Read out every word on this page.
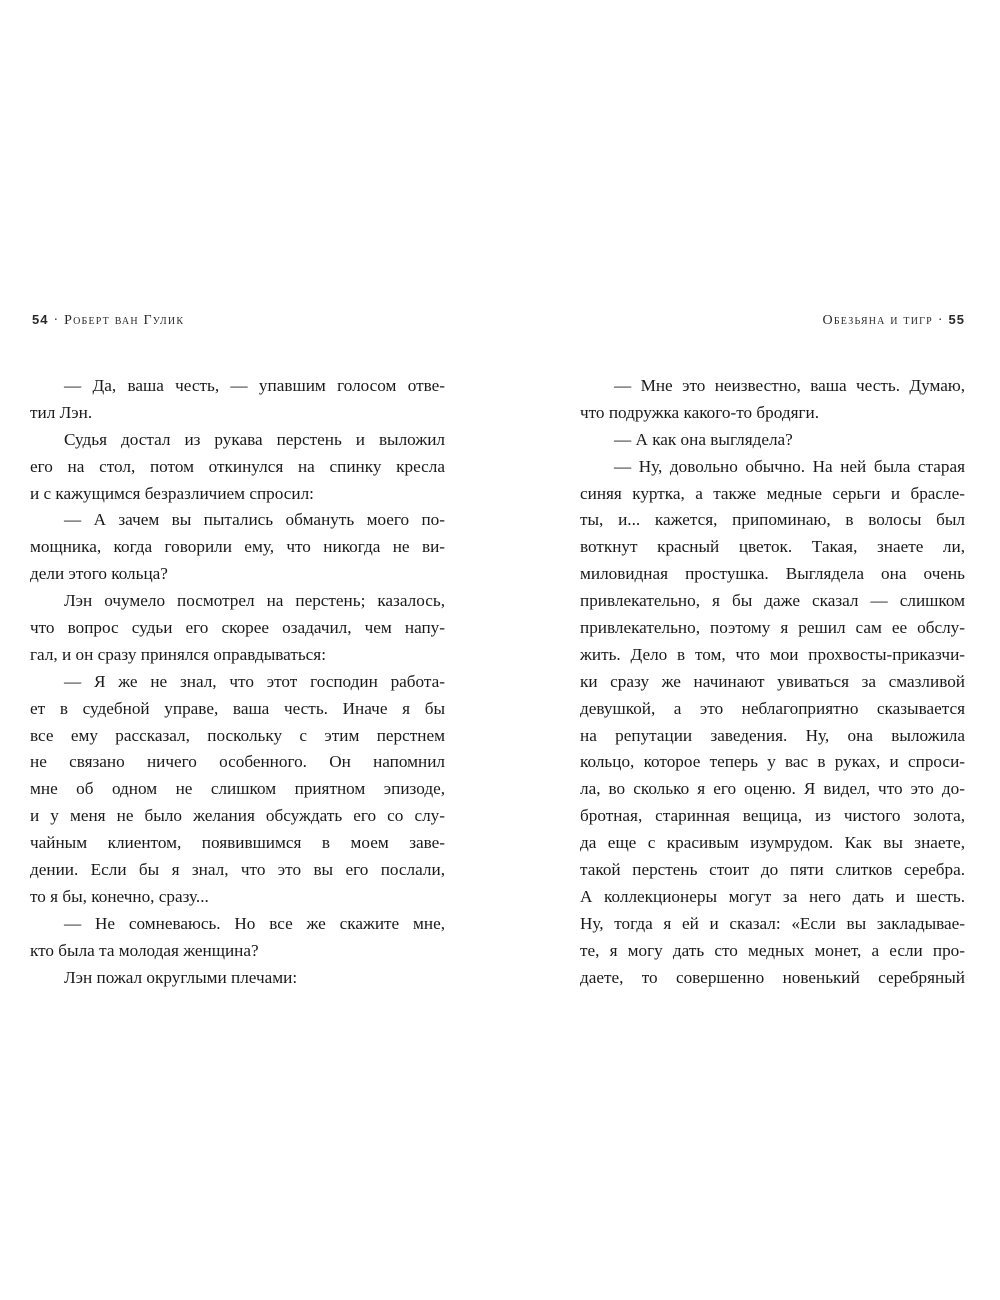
54 · Роберт ван Гулик
— Да, ваша честь, — упавшим голосом отве-
тил Лэн.
Судья достал из рукава перстень и выложил
его на стол, потом откинулся на спинку кресла
и с кажущимся безразличием спросил:
— А зачем вы пытались обмануть моего по-
мощника, когда говорили ему, что никогда не ви-
дели этого кольца?
Лэн очумело посмотрел на перстень; казалось,
что вопрос судьи его скорее озадачил, чем напу-
гал, и он сразу принялся оправдываться:
— Я же не знал, что этот господин работа-
ет в судебной управе, ваша честь. Иначе я бы
все ему рассказал, поскольку с этим перстнем
не связано ничего особенного. Он напомнил
мне об одном не слишком приятном эпизоде,
и у меня не было желания обсуждать его со слу-
чайным клиентом, появившимся в моем заве-
дении. Если бы я знал, что это вы его послали,
то я бы, конечно, сразу...
— Не сомневаюсь. Но все же скажите мне,
кто была та молодая женщина?
Лэн пожал округлыми плечами:
Обезьяна и тигр · 55
— Мне это неизвестно, ваша честь. Думаю,
что подружка какого-то бродяги.
— А как она выглядела?
— Ну, довольно обычно. На ней была старая
синяя куртка, а также медные серьги и брасле-
ты, и... кажется, припоминаю, в волосы был
воткнут красный цветок. Такая, знаете ли,
миловидная простушка. Выглядела она очень
привлекательно, я бы даже сказал — слишком
привлекательно, поэтому я решил сам ее обслу-
жить. Дело в том, что мои прохвосты-приказчи-
ки сразу же начинают увиваться за смазливой
девушкой, а это неблагоприятно сказывается
на репутации заведения. Ну, она выложила
кольцо, которое теперь у вас в руках, и спроси-
ла, во сколько я его оценю. Я видел, что это до-
бротная, старинная вещица, из чистого золота,
да еще с красивым изумрудом. Как вы знаете,
такой перстень стоит до пяти слитков серебра.
А коллекционеры могут за него дать и шесть.
Ну, тогда я ей и сказал: «Если вы закладывае-
те, я могу дать сто медных монет, а если про-
даете, то совершенно новенький серебряный
